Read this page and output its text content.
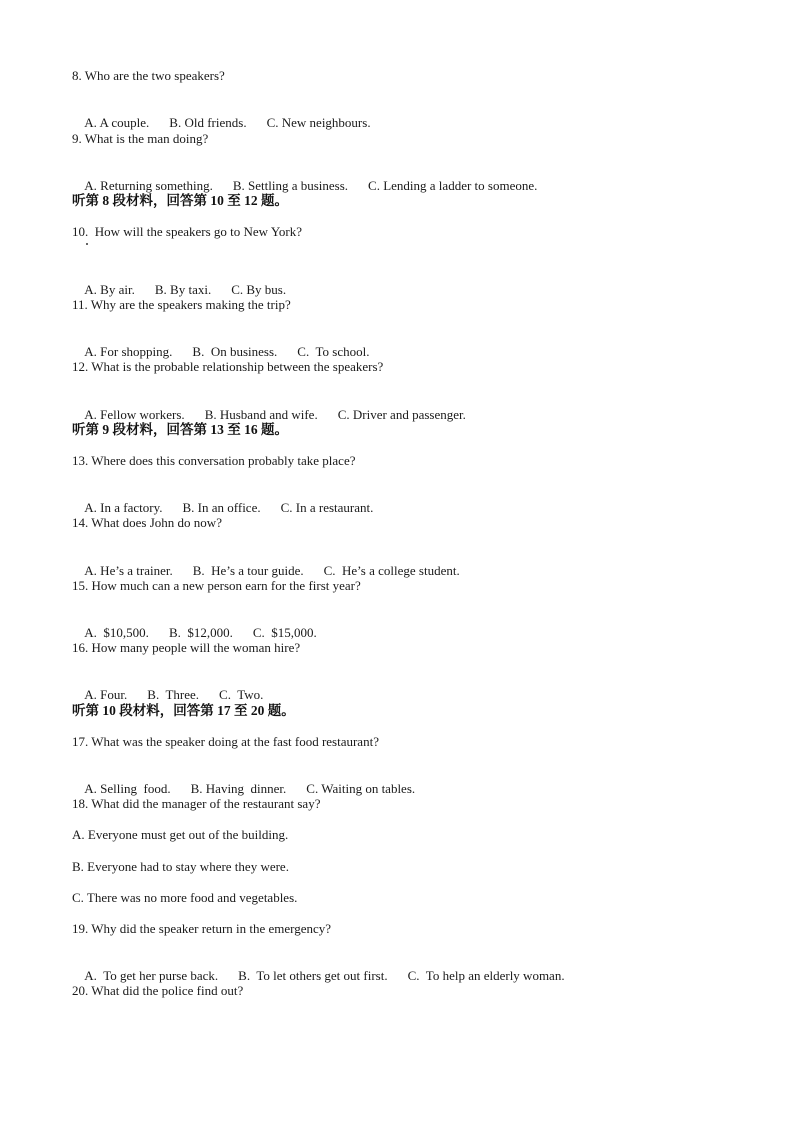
8. Who are the two speakers?

A. A couple. B. Old friends. C. New neighbours.

9. What is the man doing?

A. Returning something. B. Settling a business. C. Lending a ladder to someone.

听第 8 段材料，回答第 10 至 12 题。
10.  How will the speakers go to New York?

A. By air. B. By taxi. C. By bus.

11. Why are the speakers making the trip?

A. For shopping. B.  On business. C.  To school.

12. What is the probable relationship between the speakers?

A. Fellow workers. B. Husband and wife. C. Driver and passenger.

听第 9 段材料，回答第 13 至 16 题。
13. Where does this conversation probably take place?

A. In a factory. B. In an office. C. In a restaurant.

14. What does John do now?

A. He’s a trainer. B.  He’s a tour guide. C.  He’s a college student.

15. How much can a new person earn for the first year?

A.  $10,500. B.  $12,000. C.  $15,000.

16. How many people will the woman hire?

A. Four. B.  Three. C.  Two.

听第 10 段材料，回答第 17 至 20 题。
17. What was the speaker doing at the fast food restaurant?

A. Selling  food. B. Having  dinner. C. Waiting on tables.

18. What did the manager of the restaurant say?
A. Everyone must get out of the building.
B. Everyone had to stay where they were.
C. There was no more food and vegetables.
19. Why did the speaker return in the emergency?

A.  To get her purse back. B.  To let others get out first. C.  To help an elderly woman.

20. What did the police find out?
